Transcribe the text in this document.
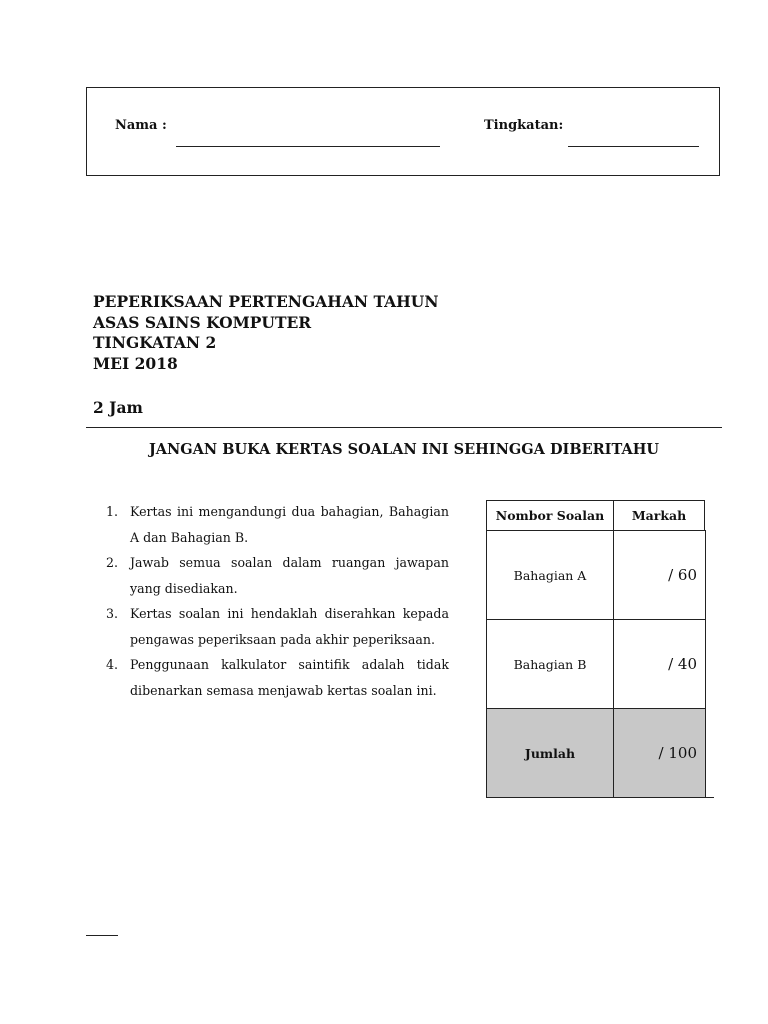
Nama :	Tingkatan:
PEPERIKSAAN PERTENGAHAN TAHUN
ASAS SAINS KOMPUTER
TINGKATAN 2
MEI 2018
2 Jam
JANGAN BUKA KERTAS SOALAN INI SEHINGGA DIBERITAHU
1. Kertas ini mengandungi dua bahagian, Bahagian A dan Bahagian B.
2. Jawab semua soalan dalam ruangan jawapan yang disediakan.
3. Kertas soalan ini hendaklah diserahkan kepada pengawas peperiksaan pada akhir peperiksaan.
4. Penggunaan kalkulator saintifik adalah tidak dibenarkan semasa menjawab kertas soalan ini.
Nombor Soalan	Markah
Bahagian A	/ 60
Bahagian B	/ 40
Jumlah	/ 100
